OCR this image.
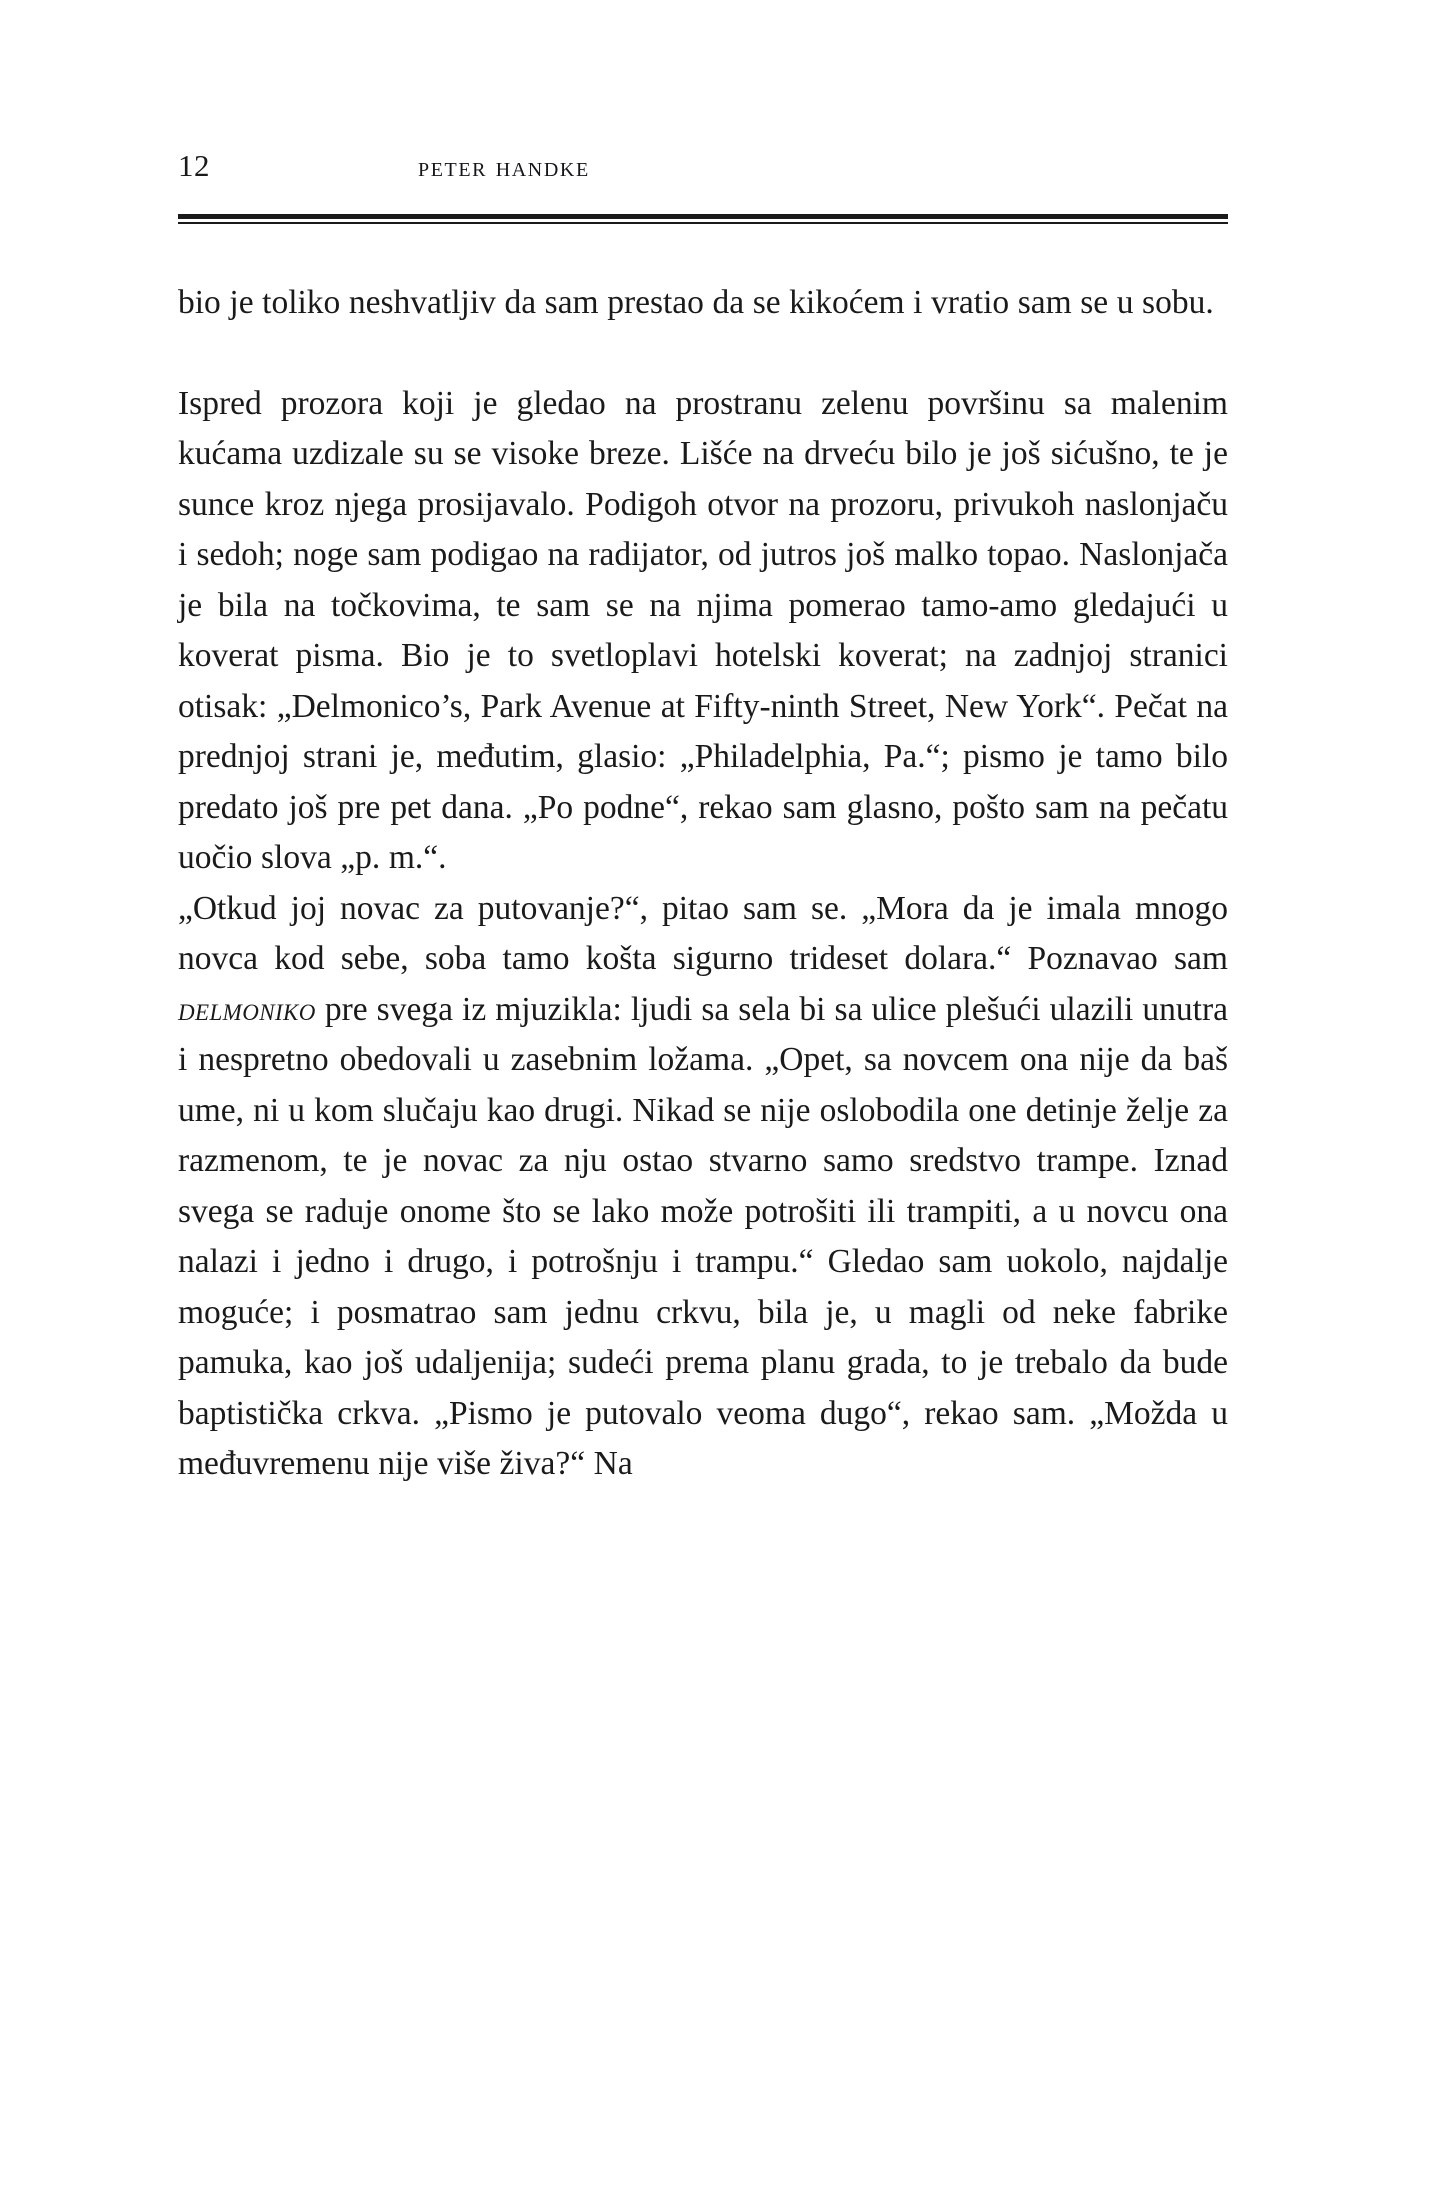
12	peter handke

bio je toliko neshvatljiv da sam prestao da se kikoćem i vratio sam se u sobu.

Ispred prozora koji je gledao na prostranu zelenu površinu sa malenim kućama uzdizale su se visoke breze. Lišće na drveću bilo je još sićušno, te je sunce kroz njega prosijavalo. Podigoh otvor na prozoru, privukoh naslonjaču i sedoh; noge sam podigao na radijator, od jutros još malko topao. Naslonjača je bila na točkovima, te sam se na njima pomerao tamo-amo gledajući u koverat pisma. Bio je to svetloplavi hotelski koverat; na zadnjoj stranici otisak: „Delmonico’s, Park Avenue at Fifty-ninth Street, New York“. Pečat na prednjoj strani je, međutim, glasio: „Philadelphia, Pa.“; pismo je tamo bilo predato još pre pet dana. „Po podne“, rekao sam glasno, pošto sam na pečatu uočio slova „p. m.“.

„Otkud joj novac za putovanje?“, pitao sam se. „Mora da je imala mnogo novca kod sebe, soba tamo košta sigurno trideset dolara.“ Poznavao sam delmoniko pre svega iz mjuzikla: ljudi sa sela bi sa ulice plešući ulazili unutra i nespretno obedovali u zasebnim ložama. „Opet, sa novcem ona nije da baš ume, ni u kom slučaju kao drugi. Nikad se nije oslobodila one detinje želje za razmenom, te je novac za nju ostao stvarno samo sredstvo trampe. Iznad svega se raduje onome što se lako može potrošiti ili trampiti, a u novcu ona nalazi i jedno i drugo, i potrošnju i trampu.“ Gledao sam uokolo, najdalje moguće; i posmatrao sam jednu crkvu, bila je, u magli od neke fabrike pamuka, kao još udaljenija; sudeći prema planu grada, to je trebalo da bude baptistička crkva. „Pismo je putovalo veoma dugo“, rekao sam. „Možda u međuvremenu nije više živa?“ Na
